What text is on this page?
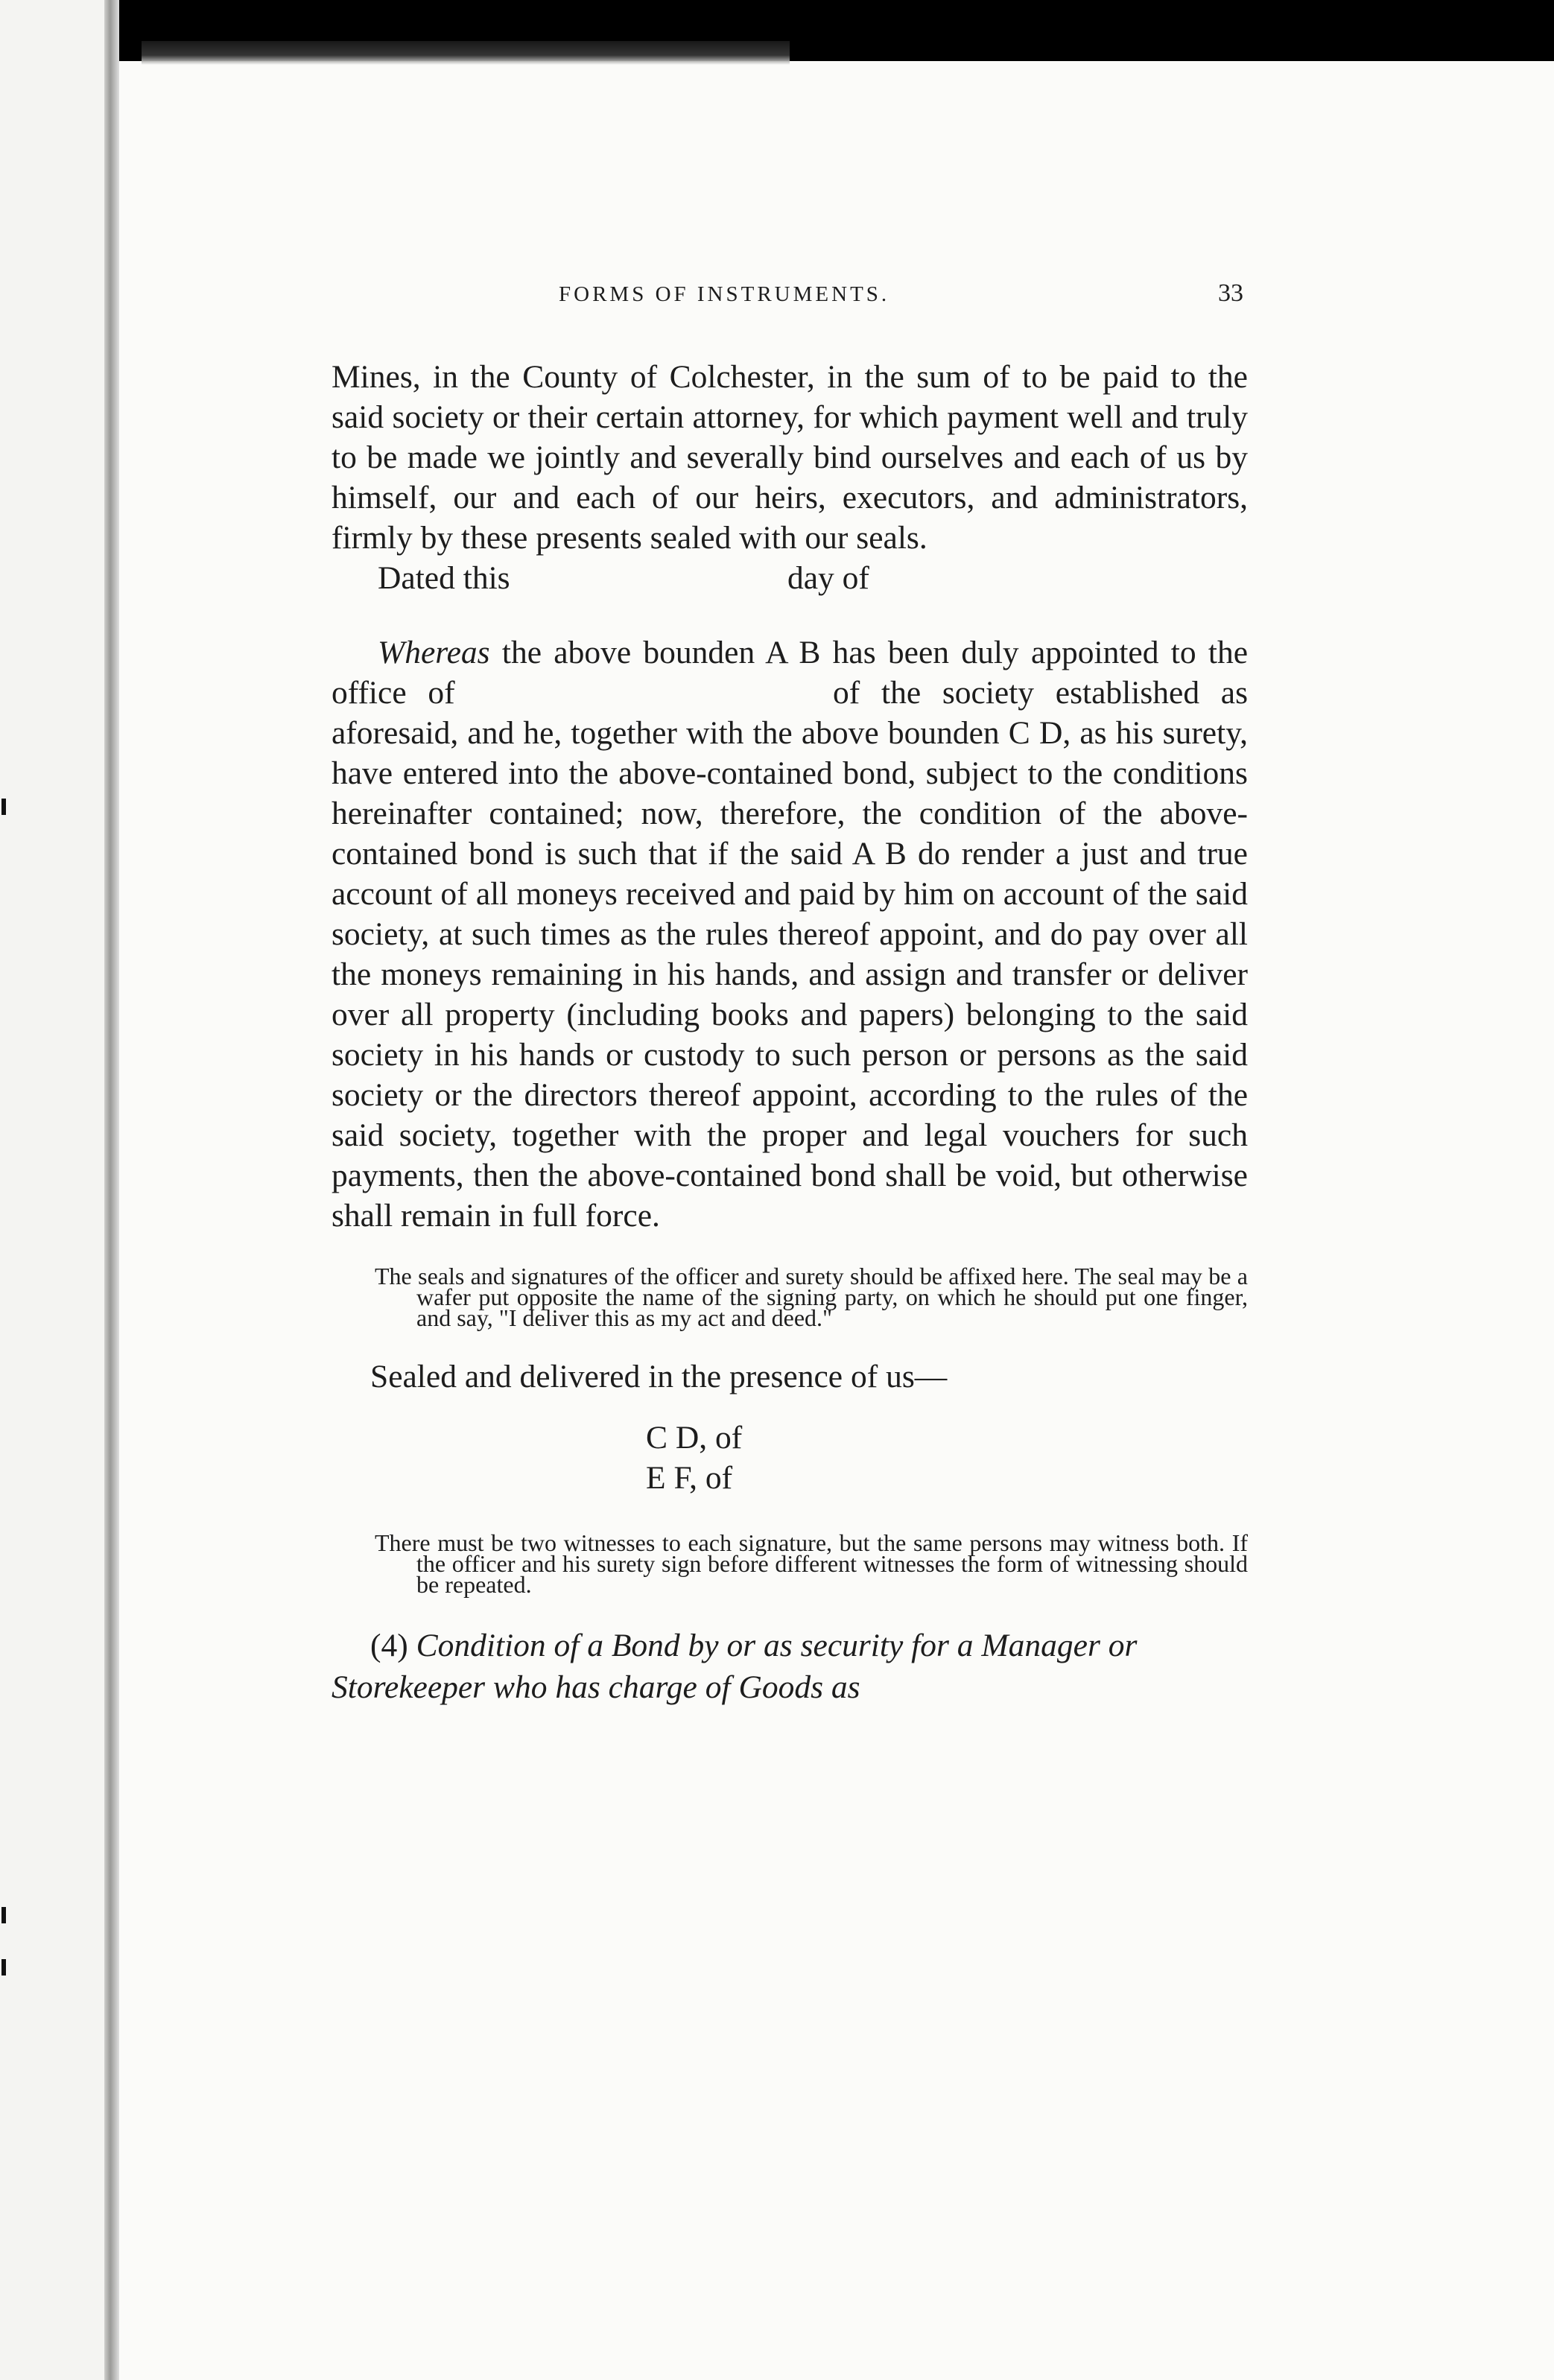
FORMS OF INSTRUMENTS.	33

Mines, in the County of Colchester, in the sum of to be paid to the said society or their certain attorney, for which payment well and truly to be made we jointly and severally bind ourselves and each of us by himself, our and each of our heirs, executors, and administrators, firmly by these presents sealed with our seals.

Dated this	day of

Whereas the above bounden A B has been duly appointed to the office of	of the society established as aforesaid, and he, together with the above bounden C D, as his surety, have entered into the above-contained bond, subject to the conditions hereinafter contained; now, therefore, the condition of the above-contained bond is such that if the said A B do render a just and true account of all moneys received and paid by him on account of the said society, at such times as the rules thereof appoint, and do pay over all the moneys remaining in his hands, and assign and transfer or deliver over all property (including books and papers) belonging to the said society in his hands or custody to such person or persons as the said society or the directors thereof appoint, according to the rules of the said society, together with the proper and legal vouchers for such payments, then the above-contained bond shall be void, but otherwise shall remain in full force.

The seals and signatures of the officer and surety should be affixed here. The seal may be a wafer put opposite the name of the signing party, on which he should put one finger, and say, "I deliver this as my act and deed."
Sealed and delivered in the presence of us—
C D, of
E F, of
There must be two witnesses to each signature, but the same persons may witness both. If the officer and his surety sign before different witnesses the form of witnessing should be repeated.
(4) Condition of a Bond by or as security for a Manager or Storekeeper who has charge of Goods as
